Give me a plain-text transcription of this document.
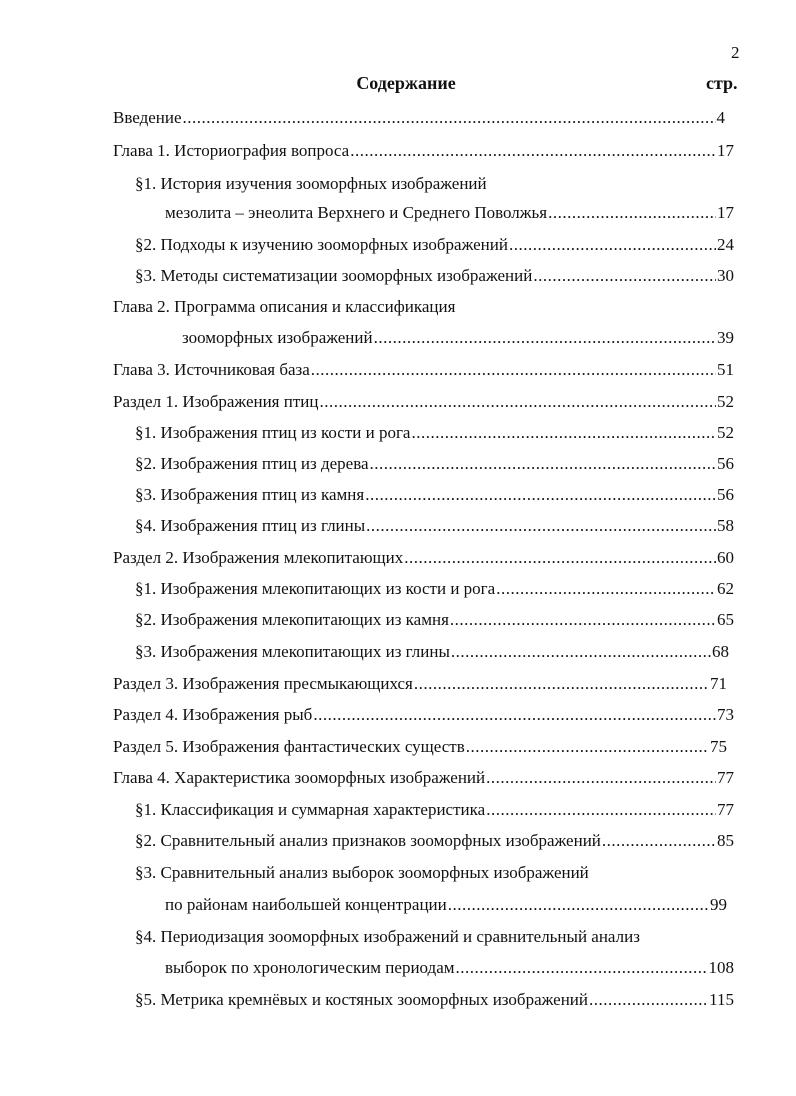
2
Содержание	стр.
Введение .....	4
Глава 1. Историография вопроса .....	17
§1. История изучения зооморфных изображений
мезолита – энеолита Верхнего и Среднего Поволжья .....	17
§2. Подходы к изучению зооморфных изображений .....	24
§3. Методы систематизации зооморфных изображений .....	30
Глава 2. Программа описания и классификация
зооморфных изображений .....	39
Глава 3. Источниковая база .....	51
Раздел 1. Изображения птиц .....	52
§1. Изображения птиц из кости и рога .....	52
§2. Изображения птиц из дерева .....	56
§3. Изображения птиц из камня .....	56
§4. Изображения птиц из глины .....	58
Раздел 2. Изображения млекопитающих .....	60
§1. Изображения млекопитающих из кости и рога .....	62
§2. Изображения млекопитающих из камня .....	65
§3. Изображения млекопитающих из глины .....	68
Раздел 3. Изображения пресмыкающихся .....	71
Раздел 4. Изображения рыб .....	73
Раздел 5. Изображения фантастических существ .....	75
Глава 4. Характеристика зооморфных изображений .....	77
§1. Классификация и суммарная характеристика .....	77
§2. Сравнительный анализ признаков зооморфных изображений .....	85
§3. Сравнительный анализ выборок зооморфных изображений
по районам наибольшей концентрации .....	99
§4. Периодизация зооморфных изображений и сравнительный анализ
выборок по хронологическим периодам .....	108
§5. Метрика кремнёвых и костяных зооморфных изображений .....	115
